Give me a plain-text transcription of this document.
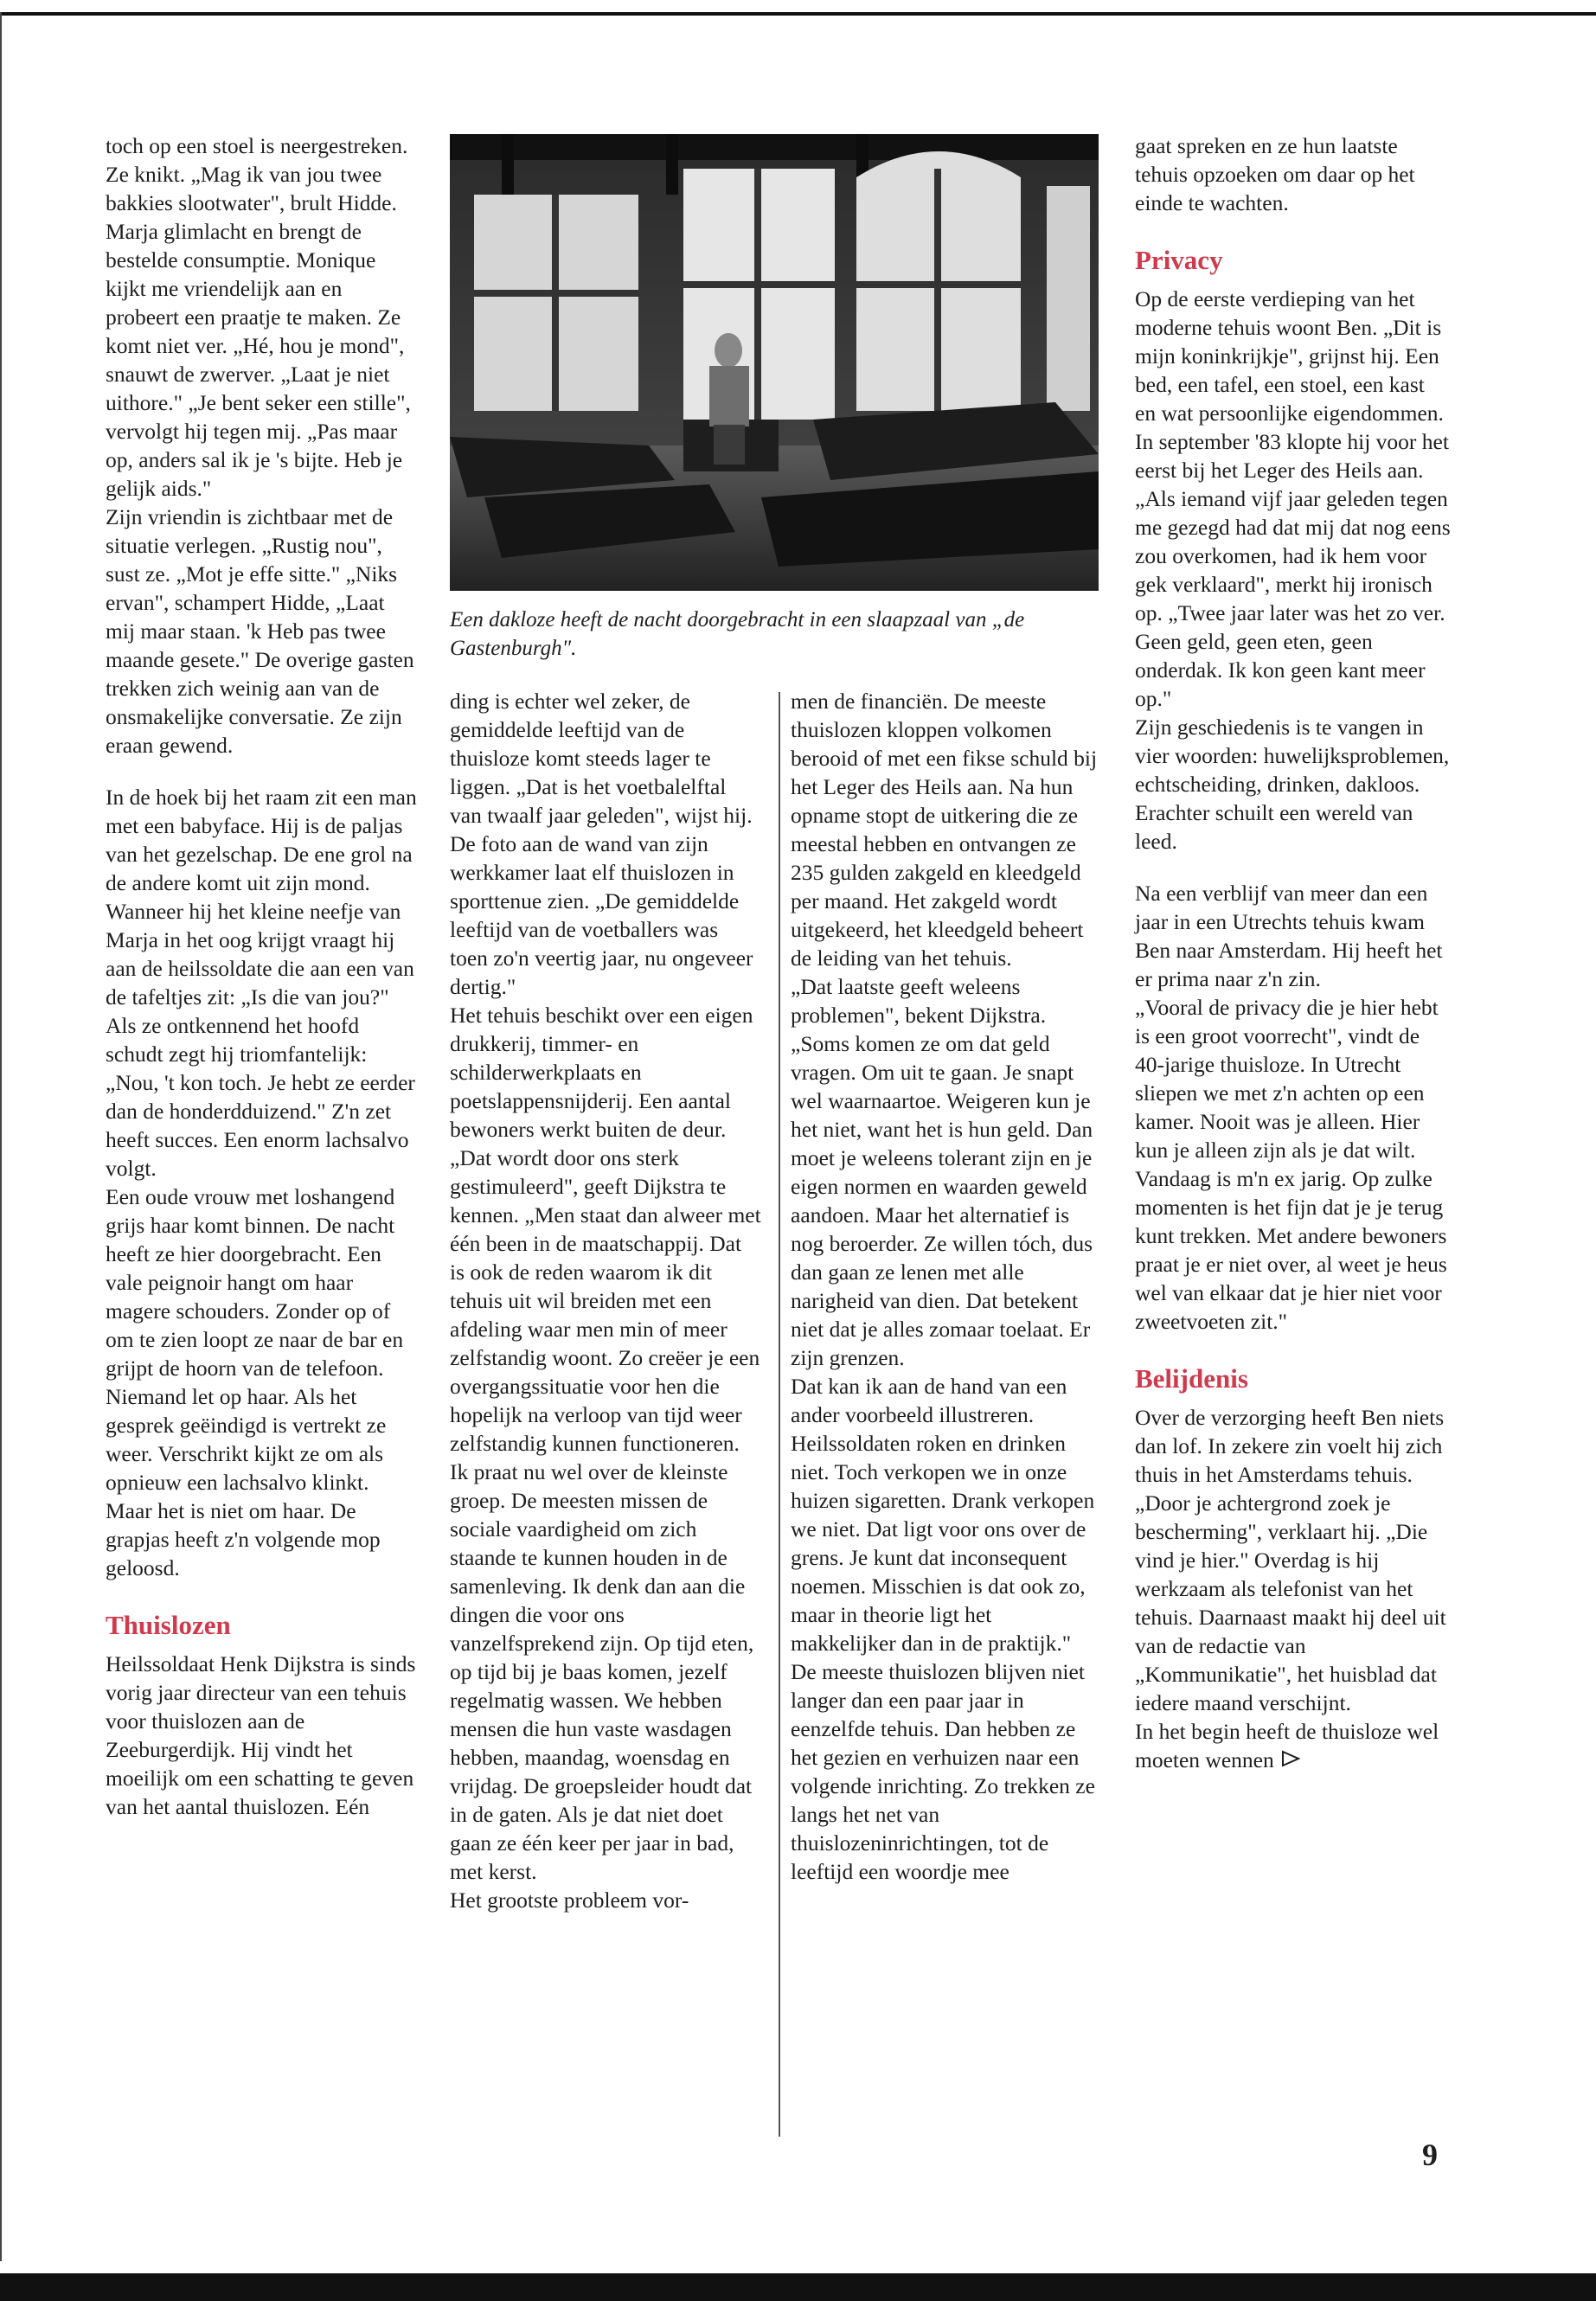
toch op een stoel is neergestreken.

Ze knikt. „Mag ik van jou twee bakkies slootwater", brult Hidde. Marja glimlacht en brengt de bestelde consumptie. Monique kijkt me vriendelijk aan en probeert een praatje te maken. Ze komt niet ver. „Hé, hou je mond", snauwt de zwerver. „Laat je niet uithore." „Je bent seker een stille", vervolgt hij tegen mij. „Pas maar op, anders sal ik je 's bijte. Heb je gelijk aids."

Zijn vriendin is zichtbaar met de situatie verlegen. „Rustig nou", sust ze. „Mot je effe sitte." „Niks ervan", schampert Hidde, „Laat mij maar staan. 'k Heb pas twee maande gesete." De overige gasten trekken zich weinig aan van de onsmakelijke conversatie. Ze zijn eraan gewend.

In de hoek bij het raam zit een man met een babyface. Hij is de paljas van het gezelschap. De ene grol na de andere komt uit zijn mond. Wanneer hij het kleine neefje van Marja in het oog krijgt vraagt hij aan de heilssoldate die aan een van de tafeltjes zit: „Is die van jou?" Als ze ontkennend het hoofd schudt zegt hij triomfantelijk: „Nou, 't kon toch. Je hebt ze eerder dan de honderdduizend." Z'n zet heeft succes. Een enorm lachsalvo volgt.

Een oude vrouw met loshangend grijs haar komt binnen. De nacht heeft ze hier doorgebracht. Een vale peignoir hangt om haar magere schouders. Zonder op of om te zien loopt ze naar de bar en grijpt de hoorn van de telefoon. Niemand let op haar. Als het gesprek geëindigd is vertrekt ze weer. Verschrikt kijkt ze om als opnieuw een lachsalvo klinkt. Maar het is niet om haar. De grapjas heeft z'n volgende mop geloosd.

Thuislozen

Heilssoldaat Henk Dijkstra is sinds vorig jaar directeur van een tehuis voor thuislozen aan de Zeeburgerdijk. Hij vindt het moeilijk om een schatting te geven van het aantal thuislozen. Eén

Een dakloze heeft de nacht doorgebracht in een slaapzaal van „de Gastenburgh".

ding is echter wel zeker, de gemiddelde leeftijd van de thuisloze komt steeds lager te liggen. „Dat is het voetbalelftal van twaalf jaar geleden", wijst hij. De foto aan de wand van zijn werkkamer laat elf thuislozen in sporttenue zien. „De gemiddelde leeftijd van de voetballers was toen zo'n veertig jaar, nu ongeveer dertig."

Het tehuis beschikt over een eigen drukkerij, timmer- en schilderwerkplaats en poetslappensnijderij. Een aantal bewoners werkt buiten de deur. „Dat wordt door ons sterk gestimuleerd", geeft Dijkstra te kennen. „Men staat dan alweer met één been in de maatschappij. Dat is ook de reden waarom ik dit tehuis uit wil breiden met een afdeling waar men min of meer zelfstandig woont. Zo creëer je een overgangssituatie voor hen die hopelijk na verloop van tijd weer zelfstandig kunnen functioneren.

Ik praat nu wel over de kleinste groep. De meesten missen de sociale vaardigheid om zich staande te kunnen houden in de samenleving. Ik denk dan aan die dingen die voor ons vanzelfsprekend zijn. Op tijd eten, op tijd bij je baas komen, jezelf regelmatig wassen. We hebben mensen die hun vaste wasdagen hebben, maandag, woensdag en vrijdag. De groepsleider houdt dat in de gaten. Als je dat niet doet gaan ze één keer per jaar in bad, met kerst.

Het grootste probleem vor-

men de financiën. De meeste thuislozen kloppen volkomen berooid of met een fikse schuld bij het Leger des Heils aan. Na hun opname stopt de uitkering die ze meestal hebben en ontvangen ze 235 gulden zakgeld en kleedgeld per maand. Het zakgeld wordt uitgekeerd, het kleedgeld beheert de leiding van het tehuis.

„Dat laatste geeft weleens problemen", bekent Dijkstra. „Soms komen ze om dat geld vragen. Om uit te gaan. Je snapt wel waarnaartoe. Weigeren kun je het niet, want het is hun geld. Dan moet je weleens tolerant zijn en je eigen normen en waarden geweld aandoen. Maar het alternatief is nog beroerder. Ze willen tóch, dus dan gaan ze lenen met alle narigheid van dien. Dat betekent niet dat je alles zomaar toelaat. Er zijn grenzen.

Dat kan ik aan de hand van een ander voorbeeld illustreren. Heilssoldaten roken en drinken niet. Toch verkopen we in onze huizen sigaretten. Drank verkopen we niet. Dat ligt voor ons over de grens. Je kunt dat inconsequent noemen. Misschien is dat ook zo, maar in theorie ligt het makkelijker dan in de praktijk."

De meeste thuislozen blijven niet langer dan een paar jaar in eenzelfde tehuis. Dan hebben ze het gezien en verhuizen naar een volgende inrichting. Zo trekken ze langs het net van thuislozeninrichtingen, tot de leeftijd een woordje mee

gaat spreken en ze hun laatste tehuis opzoeken om daar op het einde te wachten.

Privacy

Op de eerste verdieping van het moderne tehuis woont Ben. „Dit is mijn koninkrijkje", grijnst hij. Een bed, een tafel, een stoel, een kast en wat persoonlijke eigendommen. In september '83 klopte hij voor het eerst bij het Leger des Heils aan. „Als iemand vijf jaar geleden tegen me gezegd had dat mij dat nog eens zou overkomen, had ik hem voor gek verklaard", merkt hij ironisch op. „Twee jaar later was het zo ver. Geen geld, geen eten, geen onderdak. Ik kon geen kant meer op."

Zijn geschiedenis is te vangen in vier woorden: huwelijksproblemen, echtscheiding, drinken, dakloos. Erachter schuilt een wereld van leed.

Na een verblijf van meer dan een jaar in een Utrechts tehuis kwam Ben naar Amsterdam. Hij heeft het er prima naar z'n zin.

„Vooral de privacy die je hier hebt is een groot voorrecht", vindt de 40-jarige thuisloze. In Utrecht sliepen we met z'n achten op een kamer. Nooit was je alleen. Hier kun je alleen zijn als je dat wilt. Vandaag is m'n ex jarig. Op zulke momenten is het fijn dat je je terug kunt trekken. Met andere bewoners praat je er niet over, al weet je heus wel van elkaar dat je hier niet voor zweetvoeten zit."

Belijdenis

Over de verzorging heeft Ben niets dan lof. In zekere zin voelt hij zich thuis in het Amsterdams tehuis. „Door je achtergrond zoek je bescherming", verklaart hij. „Die vind je hier." Overdag is hij werkzaam als telefonist van het tehuis. Daarnaast maakt hij deel uit van de redactie van „Kommunikatie", het huisblad dat iedere maand verschijnt.

In het begin heeft de thuisloze wel moeten wennen

9
